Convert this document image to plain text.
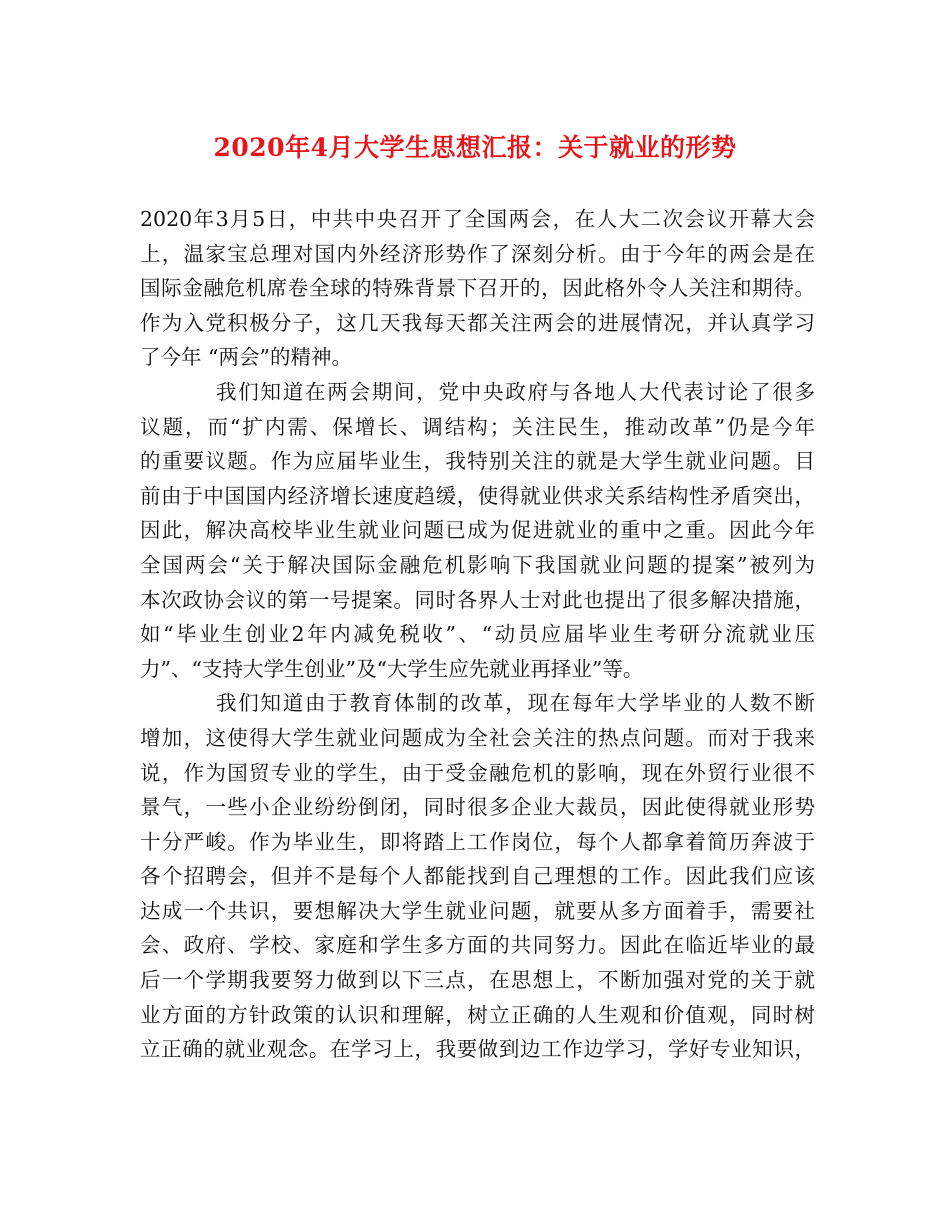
2020年4月大学生思想汇报：关于就业的形势
2020年3月5日，中共中央召开了全国两会，在人大二次会议开幕大会
上，温家宝总理对国内外经济形势作了深刻分析。由于今年的两会是在
国际金融危机席卷全球的特殊背景下召开的，因此格外令人关注和期待。
作为入党积极分子，这几天我每天都关注两会的进展情况，并认真学习
了今年 “两会”的精神。
我们知道在两会期间，党中央政府与各地人大代表讨论了很多
议题，而“扩内需、保增长、调结构；关注民生，推动改革”仍是今年
的重要议题。作为应届毕业生，我特别关注的就是大学生就业问题。目
前由于中国国内经济增长速度趋缓，使得就业供求关系结构性矛盾突出，
因此，解决高校毕业生就业问题已成为促进就业的重中之重。因此今年
全国两会“关于解决国际金融危机影响下我国就业问题的提案”被列为
本次政协会议的第一号提案。同时各界人士对此也提出了很多解决措施，
如“毕业生创业2年内减免税收”、“动员应届毕业生考研分流就业压
力”、“支持大学生创业”及“大学生应先就业再择业”等。
我们知道由于教育体制的改革，现在每年大学毕业的人数不断
增加，这使得大学生就业问题成为全社会关注的热点问题。而对于我来
说，作为国贸专业的学生，由于受金融危机的影响，现在外贸行业很不
景气，一些小企业纷纷倒闭，同时很多企业大裁员，因此使得就业形势
十分严峻。作为毕业生，即将踏上工作岗位，每个人都拿着简历奔波于
各个招聘会，但并不是每个人都能找到自己理想的工作。因此我们应该
达成一个共识，要想解决大学生就业问题，就要从多方面着手，需要社
会、政府、学校、家庭和学生多方面的共同努力。因此在临近毕业的最
后一个学期我要努力做到以下三点，在思想上，不断加强对党的关于就
业方面的方针政策的认识和理解，树立正确的人生观和价值观，同时树
立正确的就业观念。在学习上，我要做到边工作边学习，学好专业知识，
